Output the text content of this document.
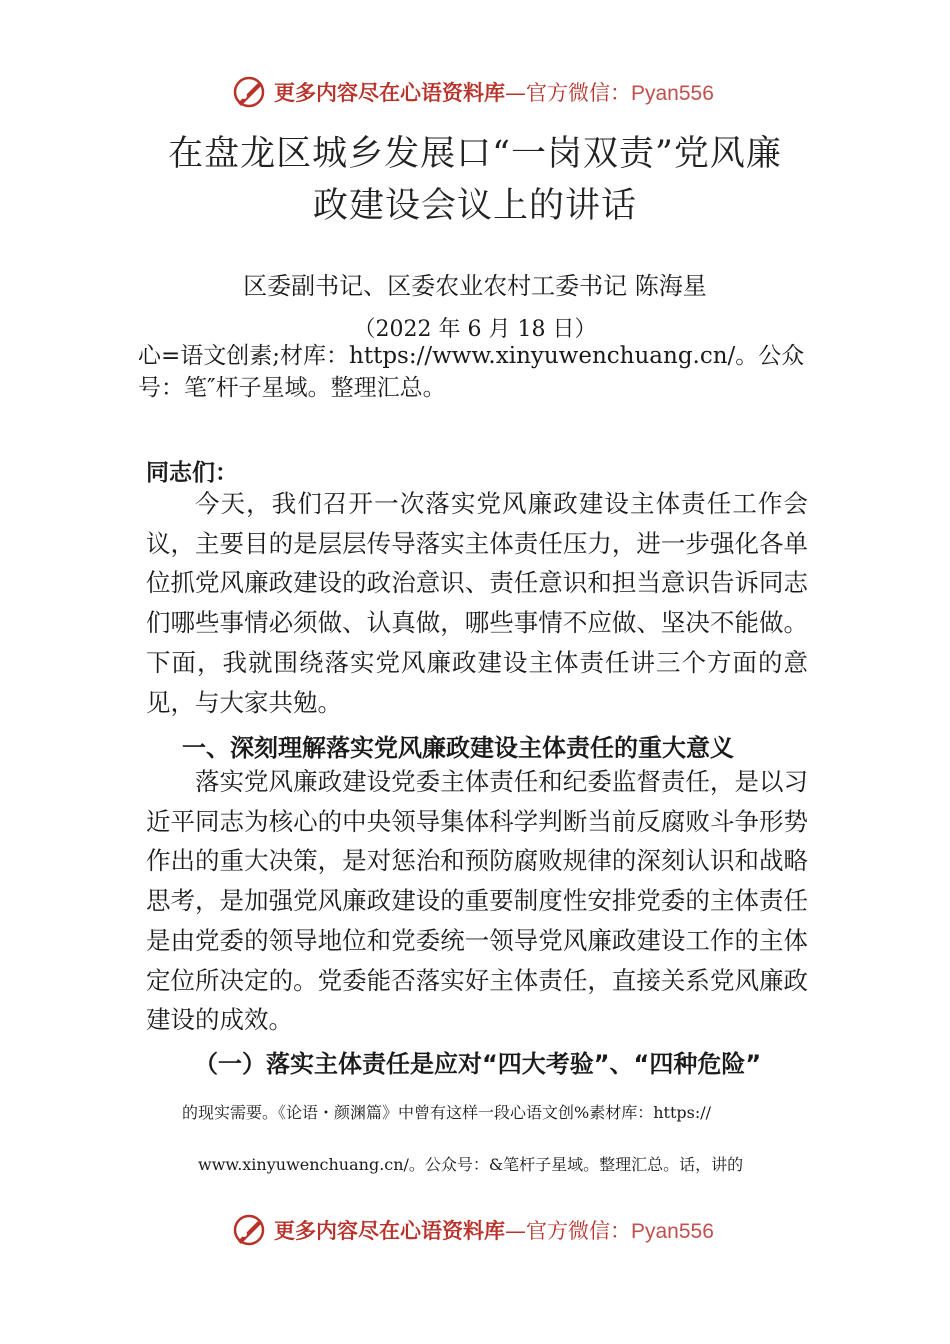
更多内容尽在心语资料库—官方微信：Pyan556
在盘龙区城乡发展口“一岗双责”党风廉
政建设会议上的讲话
区委副书记、区委农业农村工委书记 陈海星
（2022 年 6 月 18 日）
心=语文创素;材库：https://www.xinyuwenchuang.cn/。公众号：笔″杆子星域。整理汇总。
同志们：
今天，我们召开一次落实党风廉政建设主体责任工作会议，主要目的是层层传导落实主体责任压力，进一步强化各单位抓党风廉政建设的政治意识、责任意识和担当意识告诉同志们哪些事情必须做、认真做，哪些事情不应做、坚决不能做。下面，我就围绕落实党风廉政建设主体责任讲三个方面的意见，与大家共勉。
一、深刻理解落实党风廉政建设主体责任的重大意义
落实党风廉政建设党委主体责任和纪委监督责任，是以习近平同志为核心的中央领导集体科学判断当前反腐败斗争形势作出的重大决策，是对惩治和预防腐败规律的深刻认识和战略思考，是加强党风廉政建设的重要制度性安排党委的主体责任是由党委的领导地位和党委统一领导党风廉政建设工作的主体定位所决定的。党委能否落实好主体责任，直接关系党风廉政建设的成效。
（一）落实主体责任是应对“四大考验”、“四种危险”
的现实需要。《论语・颜渊篇》中曾有这样一段心语文创%素材库：https://
www.xinyuwenchuang.cn/。公众号：&笔杆子星域。整理汇总。话，讲的
更多内容尽在心语资料库—官方微信：Pyan556
